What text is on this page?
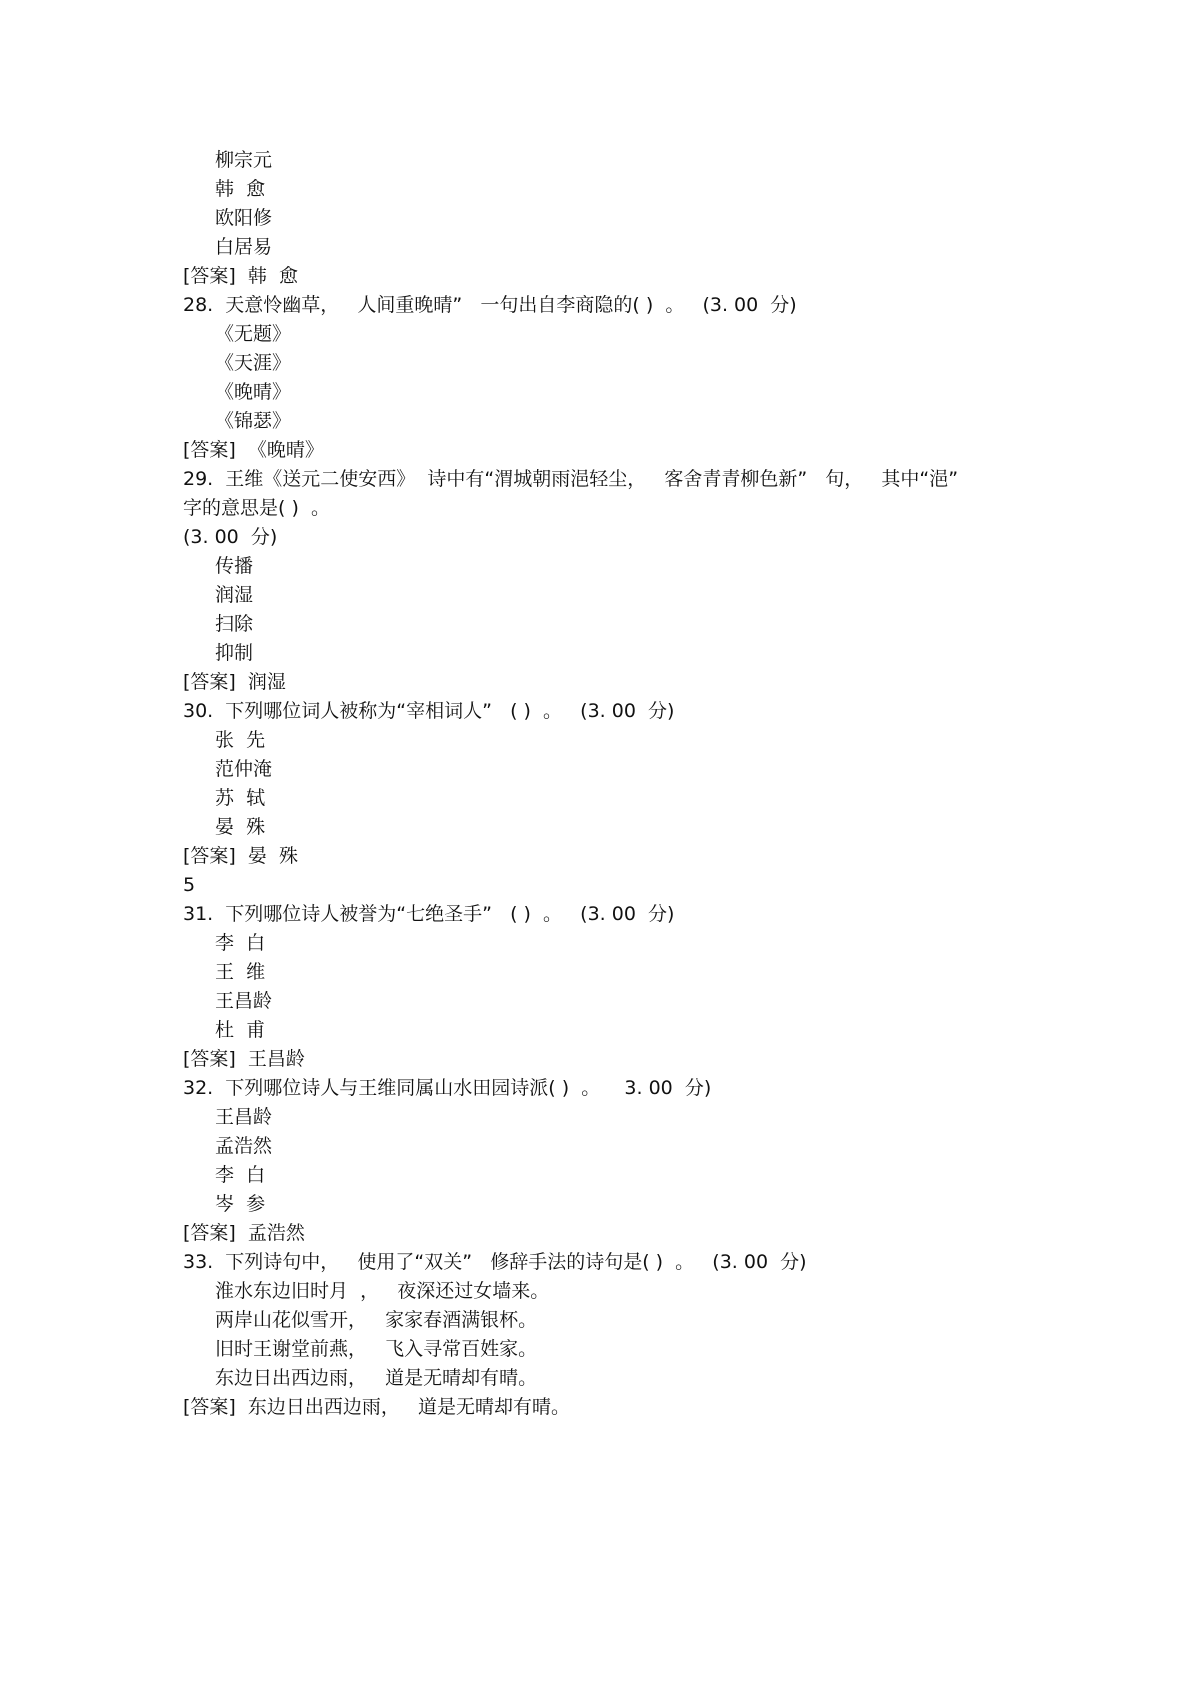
柳宗元
韩  愈
欧阳修
白居易
[答案]  韩  愈
28.  天意怜幽草，   人间重晚晴”   一句出自李商隐的( )  。   (3. 00  分)
《无题》
《天涯》
《晚晴》
《锦瑟》
[答案]  《晚晴》
29.  王维《送元二使安西》  诗中有“渭城朝雨浥轻尘，   客舍青青柳色新”   句，   其中“浥”
字的意思是( )  。
(3. 00  分)
传播
润湿
扫除
抑制
[答案]  润湿
30.  下列哪位词人被称为“宰相词人”   ( )  。   (3. 00  分)
张  先
范仲淹
苏  轼
晏  殊
[答案]  晏  殊
5
31.  下列哪位诗人被誉为“七绝圣手”   ( )  。   (3. 00  分)
李  白
王  维
王昌龄
杜  甫
[答案]  王昌龄
32.  下列哪位诗人与王维同属山水田园诗派( )  。    3. 00  分)
王昌龄
孟浩然
李  白
岑  参
[答案]  孟浩然
33.  下列诗句中，   使用了“双关”   修辞手法的诗句是( )  。   (3. 00  分)
淮水东边旧时月  ，   夜深还过女墙来。
两岸山花似雪开，   家家春酒满银杯。
旧时王谢堂前燕，   飞入寻常百姓家。
东边日出西边雨，   道是无晴却有晴。
[答案]  东边日出西边雨，   道是无晴却有晴。
